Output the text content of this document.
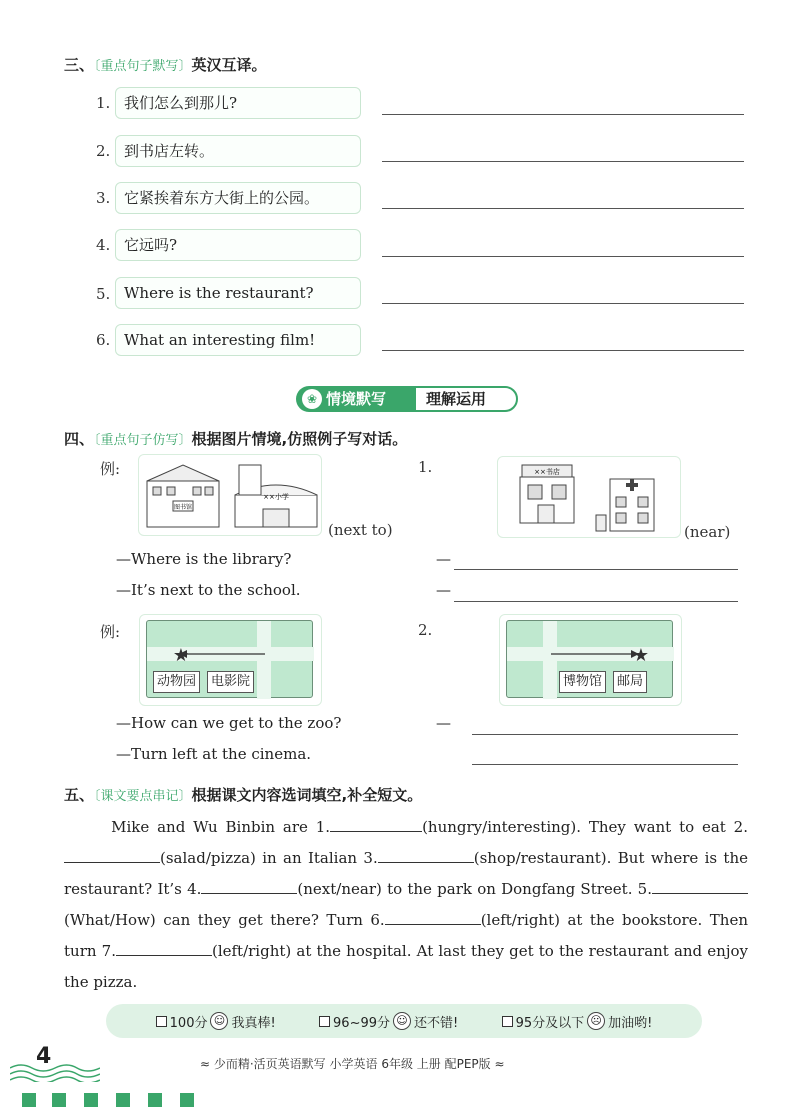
三、〔重点句子默写〕英汉互译。
1. 我们怎么到那儿?
2. 到书店左转。
3. 它紧挨着东方大街上的公园。
4. 它远吗?
5. Where is the restaurant?
6. What an interesting film!
❀ 情境默写	理解运用
四、〔重点句子仿写〕根据图片情境,仿照例子写对话。
例:
图书馆
××小学
(next to)
1.	××书店
(near)
—Where is the library?
—It’s next to the school.
—
—
例:
★
动物园	电影院
2.
★
博物馆	邮局
—How can we get to the zoo?
—Turn left at the cinema.
—
五、〔课文要点串记〕根据课文内容选词填空,补全短文。
Mike and Wu Binbin are 1.	(hungry/interesting). They want to eat 2.(salad/pizza) in an Italian 3.	(shop/restaurant). But where is the restaurant? It’s 4.	(next/near) to the park on Dongfang Street. 5.(What/How) can they get there? Turn 6.	(left/right) at the bookstore. Then turn 7.	(left/right) at the hospital. At last they get to the restaurant and enjoy the pizza.
100分 ☺ 我真棒!	96~99分 ☺ 还不错!	95分及以下 ☹ 加油哟!
4	≈ 少而精·活页英语默写 小学英语 6年级 上册 配PEP版 ≈
